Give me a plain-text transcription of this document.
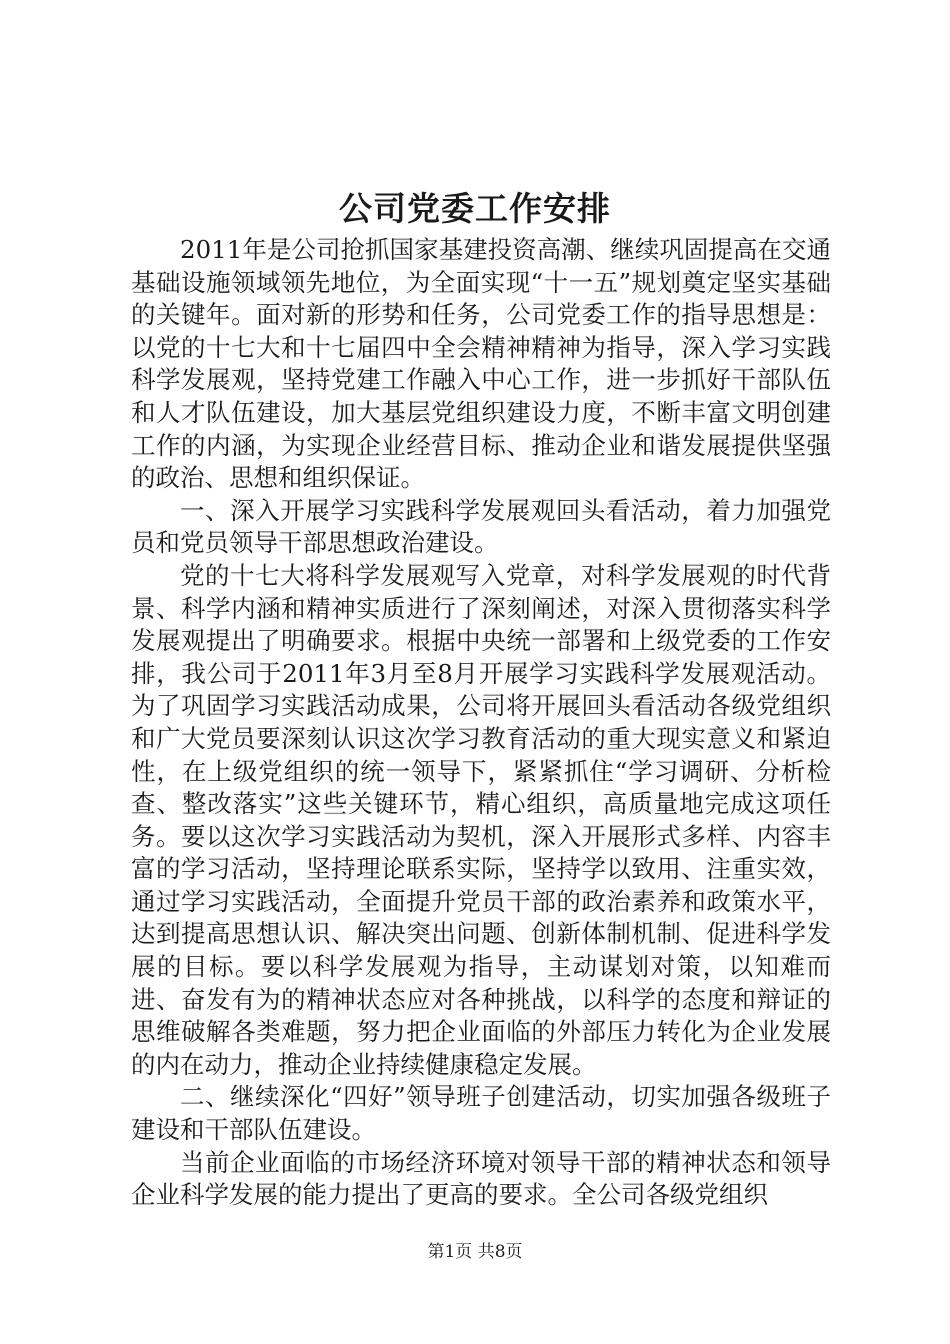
公司党委工作安排

2011年是公司抢抓国家基建投资高潮、继续巩固提高在交通基础设施领域领先地位，为全面实现“十一五”规划奠定坚实基础的关键年。面对新的形势和任务，公司党委工作的指导思想是：以党的十七大和十七届四中全会精神精神为指导，深入学习实践科学发展观，坚持党建工作融入中心工作，进一步抓好干部队伍和人才队伍建设，加大基层党组织建设力度，不断丰富文明创建工作的内涵，为实现企业经营目标、推动企业和谐发展提供坚强的政治、思想和组织保证。

一、深入开展学习实践科学发展观回头看活动，着力加强党员和党员领导干部思想政治建设。

党的十七大将科学发展观写入党章，对科学发展观的时代背景、科学内涵和精神实质进行了深刻阐述，对深入贯彻落实科学发展观提出了明确要求。根据中央统一部署和上级党委的工作安排，我公司于2011年3月至8月开展学习实践科学发展观活动。为了巩固学习实践活动成果，公司将开展回头看活动各级党组织和广大党员要深刻认识这次学习教育活动的重大现实意义和紧迫性，在上级党组织的统一领导下，紧紧抓住“学习调研、分析检查、整改落实”这些关键环节，精心组织，高质量地完成这项任务。要以这次学习实践活动为契机，深入开展形式多样、内容丰富的学习活动，坚持理论联系实际，坚持学以致用、注重实效，通过学习实践活动，全面提升党员干部的政治素养和政策水平，达到提高思想认识、解决突出问题、创新体制机制、促进科学发展的目标。要以科学发展观为指导，主动谋划对策，以知难而进、奋发有为的精神状态应对各种挑战，以科学的态度和辩证的思维破解各类难题，努力把企业面临的外部压力转化为企业发展的内在动力，推动企业持续健康稳定发展。

二、继续深化“四好”领导班子创建活动，切实加强各级班子建设和干部队伍建设。

当前企业面临的市场经济环境对领导干部的精神状态和领导企业科学发展的能力提出了更高的要求。全公司各级党组织

第1页 共8页
